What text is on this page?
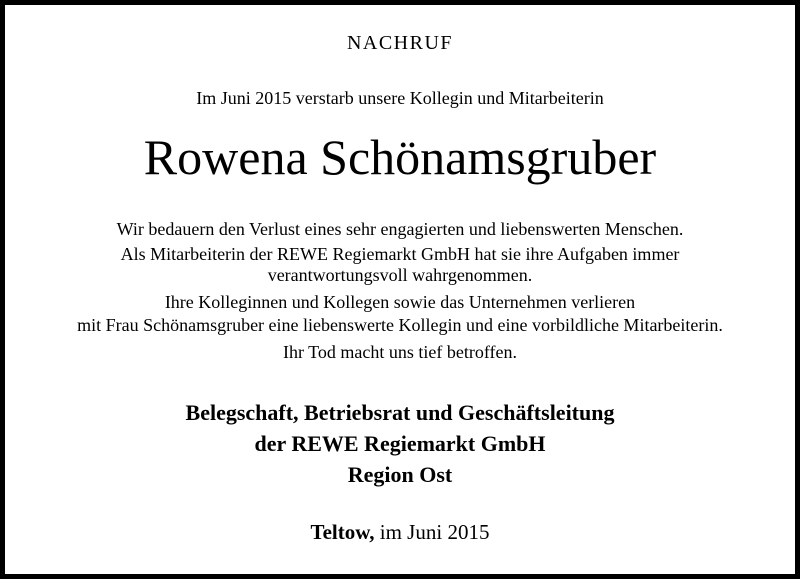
NACHRUF

Im Juni 2015 verstarb unsere Kollegin und Mitarbeiterin

Rowena Schönamsgruber

Wir bedauern den Verlust eines sehr engagierten und liebenswerten Menschen.

Als Mitarbeiterin der REWE Regiemarkt GmbH hat sie ihre Aufgaben immer

verantwortungsvoll wahrgenommen.

Ihre Kolleginnen und Kollegen sowie das Unternehmen verlieren

mit Frau Schönamsgruber eine liebenswerte Kollegin und eine vorbildliche Mitarbeiterin.

Ihr Tod macht uns tief betroffen.

Belegschaft, Betriebsrat und Geschäftsleitung

der REWE Regiemarkt GmbH

Region Ost

Teltow, im Juni 2015
